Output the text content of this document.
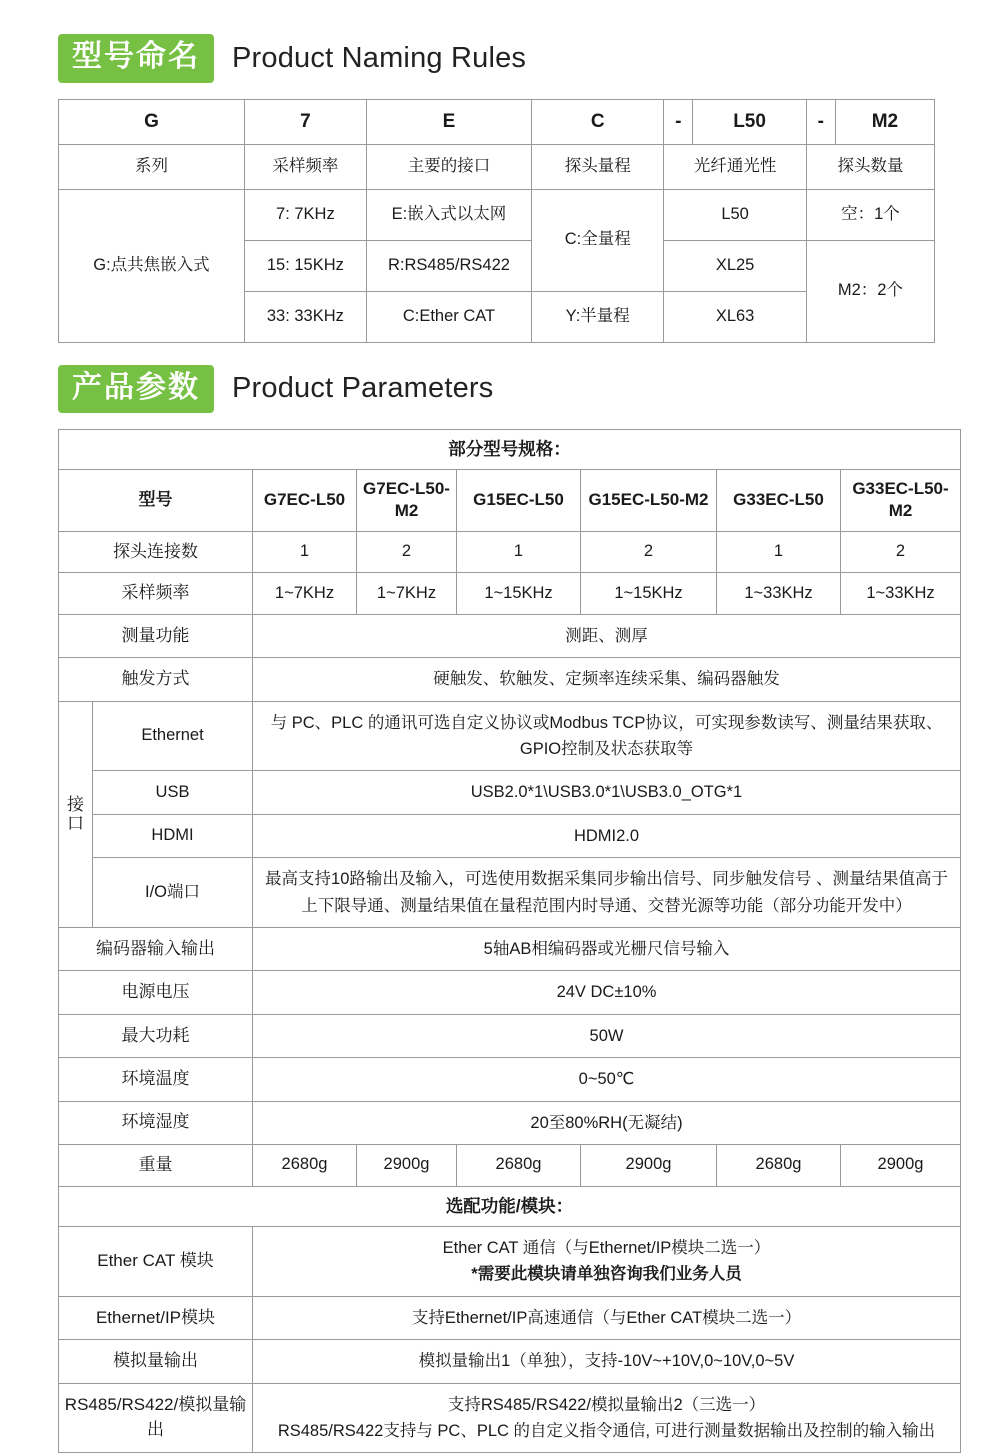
型号命名	Product Naming Rules
G	7	E	C	-	L50	-	M2
系列	采样频率	主要的接口	探头量程	光纤通光性		探头数量	
G:点共焦嵌入式	7: 7KHz	E:嵌入式以太网	C:全量程	L50		空：1个	
	15: 15KHz	R:RS485/RS422		XL25		M2：2个	
	33: 33KHz	C:Ether CAT	Y:半量程	XL63			
产品参数	Product Parameters
部分型号规格：							
型号		G7EC-L50	G7EC-L50-M2	G15EC-L50	G15EC-L50-M2	G33EC-L50	G33EC-L50-M2
探头连接数		1	2	1	2	1	2
采样频率		1~7KHz	1~7KHz	1~15KHz	1~15KHz	1~33KHz	1~33KHz
测量功能		测距、测厚					
触发方式		硬触发、软触发、定频率连续采集、编码器触发					
接口	Ethernet	与 PC、PLC 的通讯可选自定义协议或Modbus TCP协议，可实现参数读写、测量结果获取、GPIO控制及状态获取等					
	USB	USB2.0*1\USB3.0*1\USB3.0_OTG*1					
	HDMI	HDMI2.0					
	I/O端口	最高支持10路输出及输入，可选使用数据采集同步输出信号、同步触发信号 、测量结果值高于上下限导通、测量结果值在量程范围内时导通、交替光源等功能（部分功能开发中）					
编码器输入输出		5轴AB相编码器或光栅尺信号输入					
电源电压		24V DC±10%					
最大功耗		50W					
环境温度		0~50℃					
环境湿度		20至80%RH(无凝结)					
重量		2680g	2900g	2680g	2900g	2680g	2900g
选配功能/模块：							
Ether CAT 模块		Ether CAT 通信（与Ethernet/IP模块二选一）
*需要此模块请单独咨询我们业务人员					

Ethernet/IP模块		支持Ethernet/IP高速通信（与Ether CAT模块二选一）					
模拟量输出		模拟量输出1（单独），支持-10V~+10V,0~10V,0~5V					
RS485/RS422/模拟量输出		支持RS485/RS422/模拟量输出2（三选一）
RS485/RS422支持与 PC、PLC 的自定义指令通信, 可进行测量数据输出及控制的输入输出					
